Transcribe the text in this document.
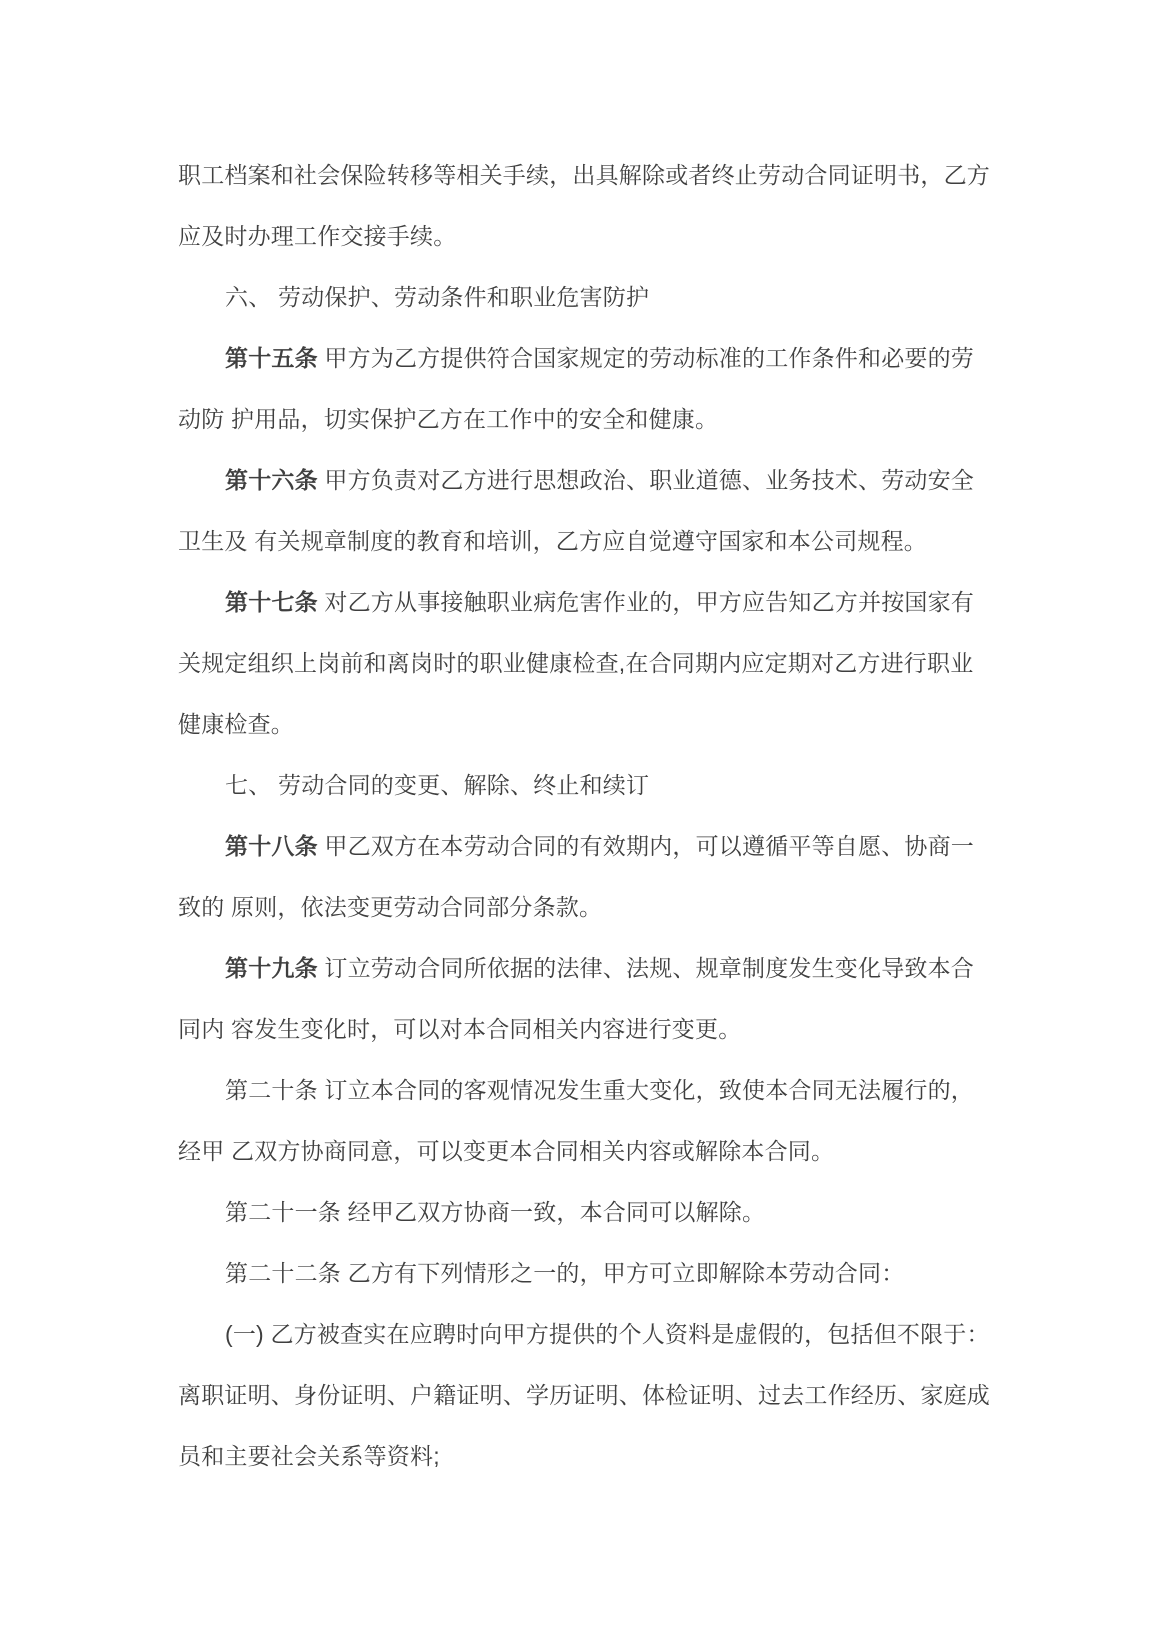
职工档案和社会保险转移等相关手续，出具解除或者终止劳动合同证明书，乙方
应及时办理工作交接手续。
六、 劳动保护、劳动条件和职业危害防护
第十五条 甲方为乙方提供符合国家规定的劳动标准的工作条件和必要的劳
动防 护用品，切实保护乙方在工作中的安全和健康。
第十六条 甲方负责对乙方进行思想政治、职业道德、业务技术、劳动安全
卫生及 有关规章制度的教育和培训，乙方应自觉遵守国家和本公司规程。
第十七条 对乙方从事接触职业病危害作业的，甲方应告知乙方并按国家有
关规定组织上岗前和离岗时的职业健康检查,在合同期内应定期对乙方进行职业
健康检查。
七、 劳动合同的变更、解除、终止和续订
第十八条 甲乙双方在本劳动合同的有效期内，可以遵循平等自愿、协商一
致的 原则，依法变更劳动合同部分条款。
第十九条 订立劳动合同所依据的法律、法规、规章制度发生变化导致本合
同内 容发生变化时，可以对本合同相关内容进行变更。
第二十条 订立本合同的客观情况发生重大变化，致使本合同无法履行的，
经甲 乙双方协商同意，可以变更本合同相关内容或解除本合同。
第二十一条 经甲乙双方协商一致，本合同可以解除。
第二十二条 乙方有下列情形之一的，甲方可立即解除本劳动合同：
(一) 乙方被查实在应聘时向甲方提供的个人资料是虚假的，包括但不限于：
离职证明、身份证明、户籍证明、学历证明、体检证明、过去工作经历、家庭成
员和主要社会关系等资料;
